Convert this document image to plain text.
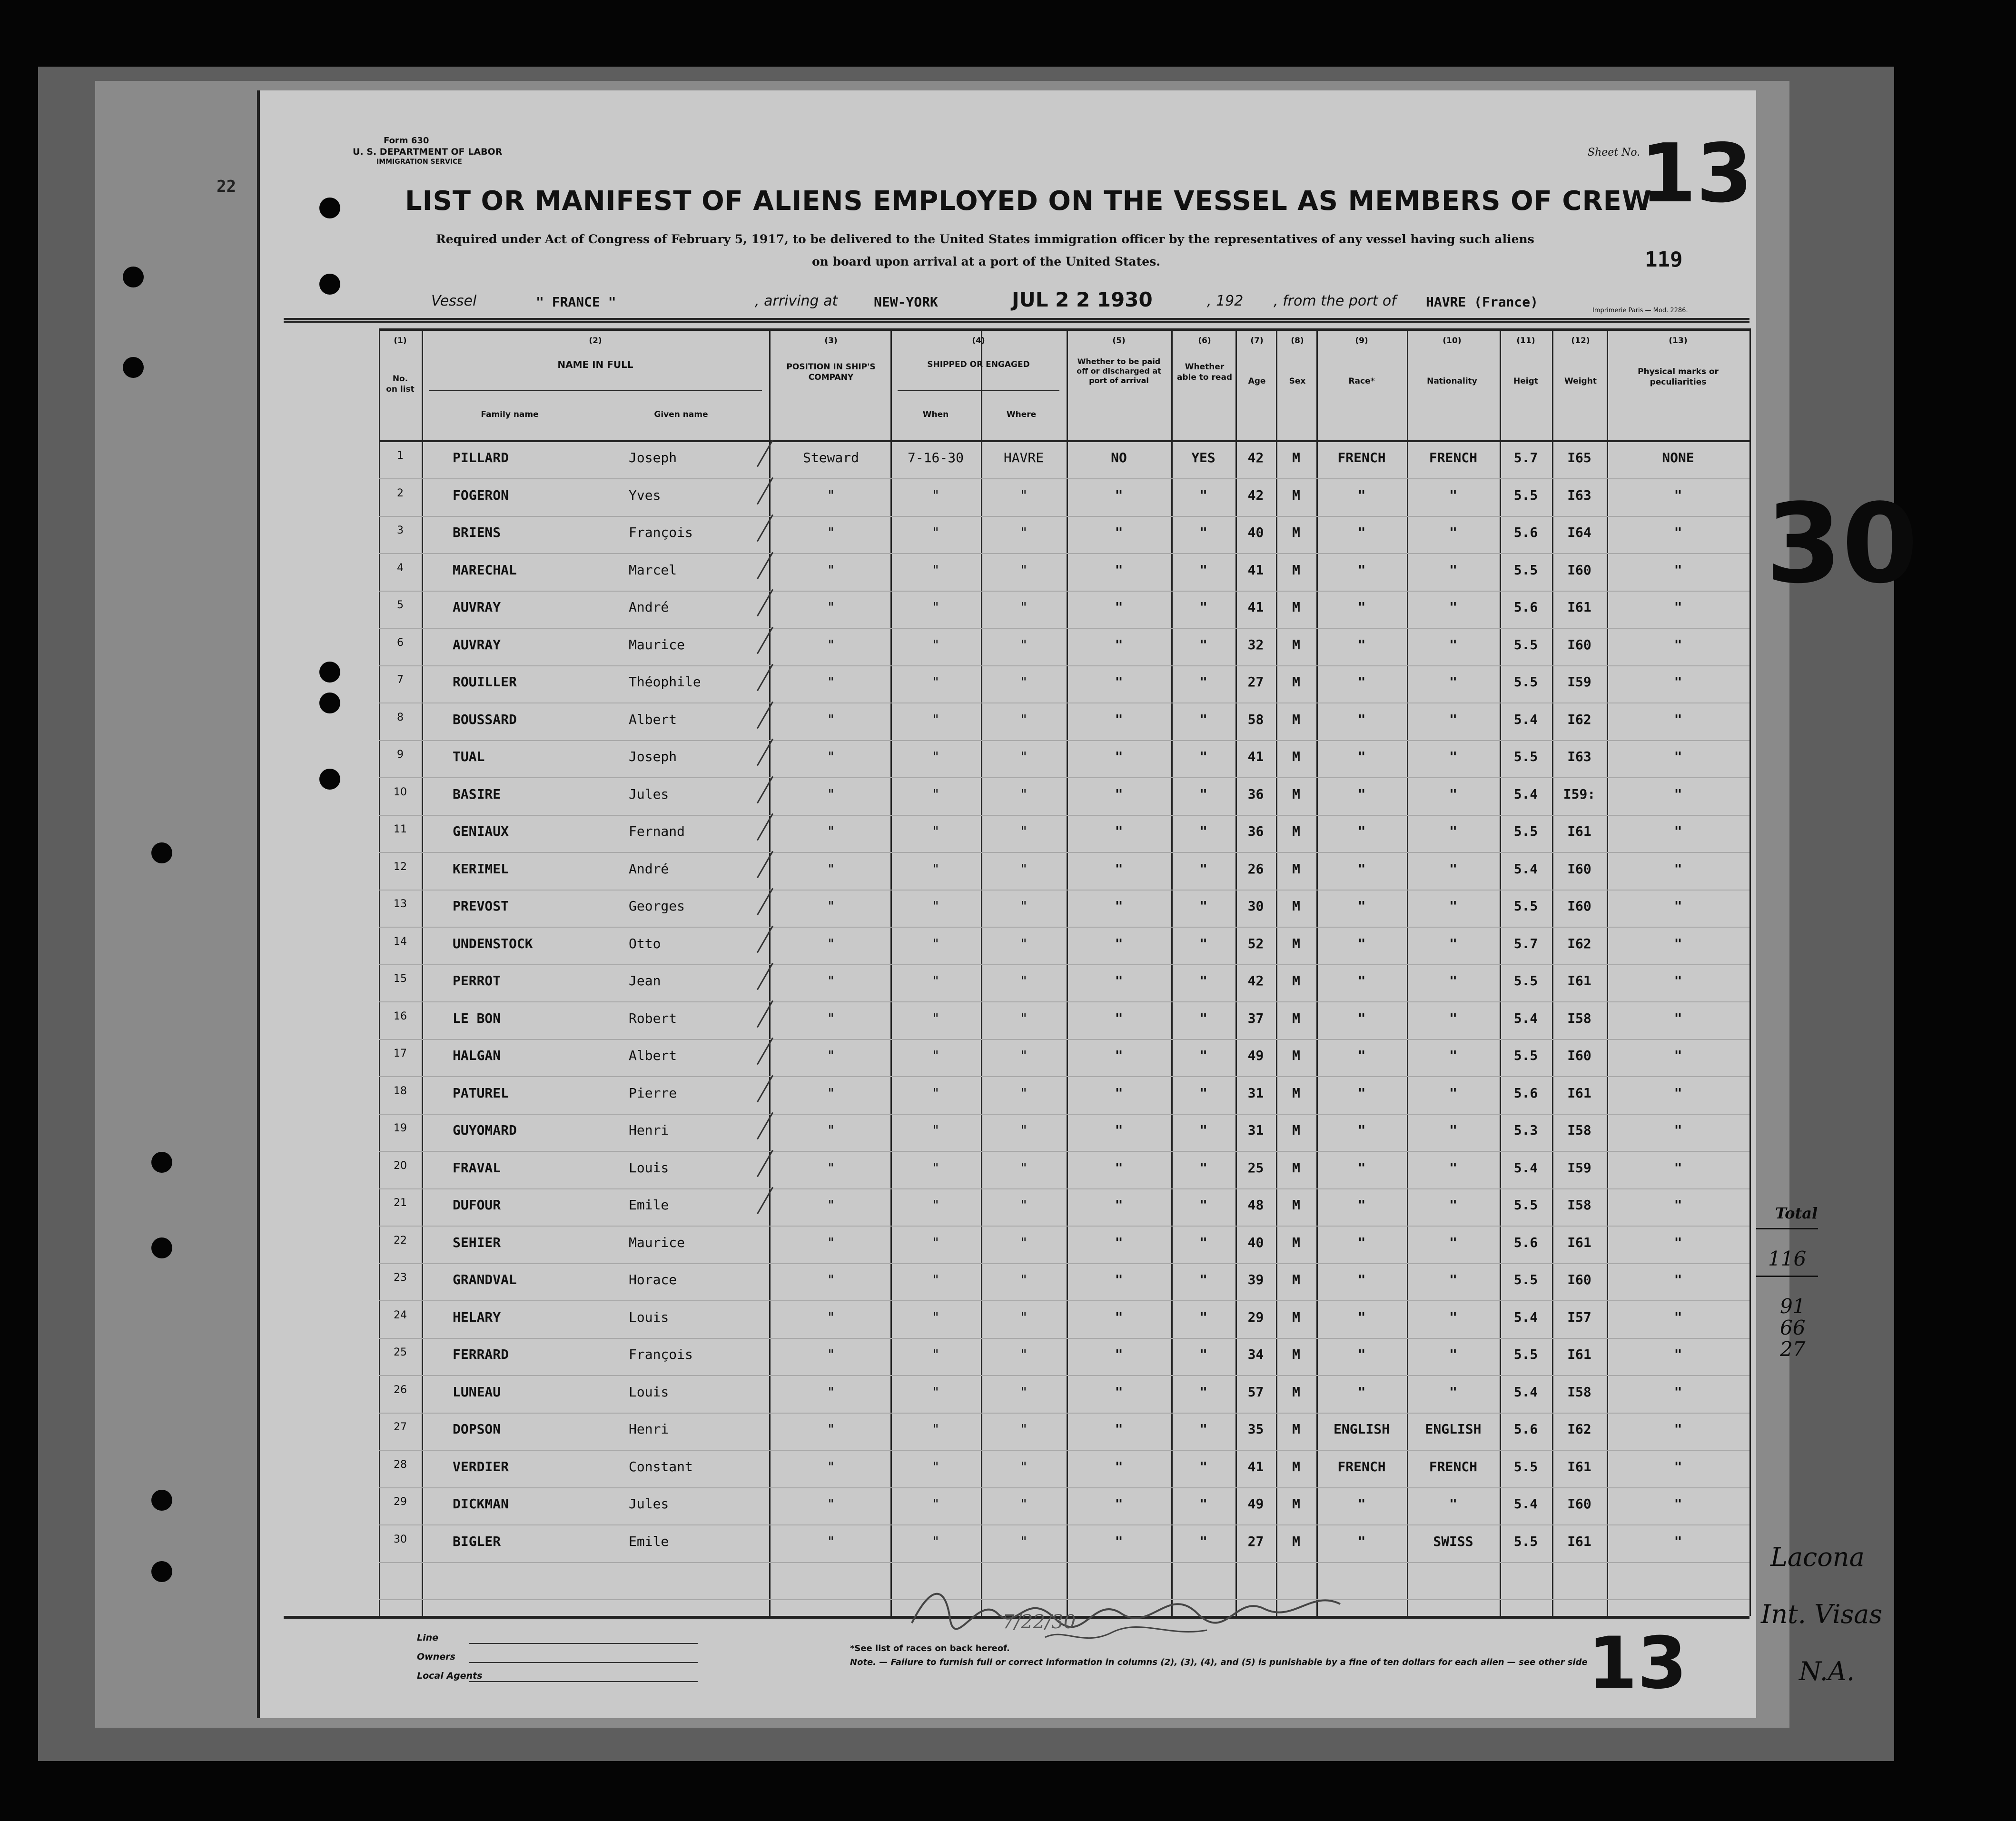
22
Form 630
U. S. DEPARTMENT OF LABOR
IMMIGRATION SERVICE
Sheet No. 13
119
LIST OR MANIFEST OF ALIENS EMPLOYED ON THE VESSEL AS MEMBERS OF CREW
Required under Act of Congress of February 5, 1917, to be delivered to the United States immigration officer by the representatives of any vessel having such aliens
on board upon arrival at a port of the United States.
Vessel	" FRANCE "	, arriving at	NEW-YORK	JUL 2 2 1930	, 192 , from the port of HAVRE (France)
Imprimerie Paris — Mod. 2286.
(1)
No. on list
(2)
NAME IN FULL
Family name	Given name
(3)
POSITION IN SHIP'S COMPANY
(4)
SHIPPED OR ENGAGED
When	Where
(5)
Whether to be paid off or discharged at port of arrival
(6)
Whether able to read
(7)
Age
(8)
Sex
(9)
Race*
(10)
Nationality
(11)
Heigt
(12)
Weight
(13)
Physical marks or peculiarities
1	PILLARD	Joseph	Steward	7-16-30	HAVRE	NO	YES	42	M	FRENCH	FRENCH	5.7	I65	NONE
2	FOGERON	Yves	"	"	"	"	"	42	M	"	"	5.5	I63	"
3	BRIENS	François	"	"	"	"	"	40	M	"	"	5.6	I64	"
4	MARECHAL	Marcel	"	"	"	"	"	41	M	"	"	5.5	I60	"
5	AUVRAY	André	"	"	"	"	"	41	M	"	"	5.6	I61	"
6	AUVRAY	Maurice	"	"	"	"	"	32	M	"	"	5.5	I60	"
7	ROUILLER	Théophile	"	"	"	"	"	27	M	"	"	5.5	I59	"
8	BOUSSARD	Albert	"	"	"	"	"	58	M	"	"	5.4	I62	"
9	TUAL	Joseph	"	"	"	"	"	41	M	"	"	5.5	I63	"
10	BASIRE	Jules	"	"	"	"	"	36	M	"	"	5.4	I59:	"
11	GENIAUX	Fernand	"	"	"	"	"	36	M	"	"	5.5	I61	"
12	KERIMEL	André	"	"	"	"	"	26	M	"	"	5.4	I60	"
13	PREVOST	Georges	"	"	"	"	"	30	M	"	"	5.5	I60	"
14	UNDENSTOCK	Otto	"	"	"	"	"	52	M	"	"	5.7	I62	"
15	PERROT	Jean	"	"	"	"	"	42	M	"	"	5.5	I61	"
16	LE BON	Robert	"	"	"	"	"	37	M	"	"	5.4	I58	"
17	HALGAN	Albert	"	"	"	"	"	49	M	"	"	5.5	I60	"
18	PATUREL	Pierre	"	"	"	"	"	31	M	"	"	5.6	I61	"
19	GUYOMARD	Henri	"	"	"	"	"	31	M	"	"	5.3	I58	"
20	FRAVAL	Louis	"	"	"	"	"	25	M	"	"	5.4	I59	"
21	DUFOUR	Emile	"	"	"	"	"	48	M	"	"	5.5	I58	"
22	SEHIER	Maurice	"	"	"	"	"	40	M	"	"	5.6	I61	"
23	GRANDVAL	Horace	"	"	"	"	"	39	M	"	"	5.5	I60	"
24	HELARY	Louis	"	"	"	"	"	29	M	"	"	5.4	I57	"
25	FERRARD	François	"	"	"	"	"	34	M	"	"	5.5	I61	"
26	LUNEAU	Louis	"	"	"	"	"	57	M	"	"	5.4	I58	"
27	DOPSON	Henri	"	"	"	"	"	35	M	ENGLISH	ENGLISH	5.6	I62	"
28	VERDIER	Constant	"	"	"	"	"	41	M	FRENCH	FRENCH	5.5	I61	"
29	DICKMAN	Jules	"	"	"	"	"	49	M	"	"	5.4	I60	"
30	BIGLER	Emile	"	"	"	"	"	27	M	"	SWISS	5.5	I61	"
7/22/30
Line
Owners
Local Agents
*See list of races on back hereof.
Note. — Failure to furnish full or correct information in columns (2), (3), (4), and (5) is punishable by a fine of ten dollars for each alien — see other side 13
30
Total
116
91
66
27
Lacona
Int. Visas
N.A.
